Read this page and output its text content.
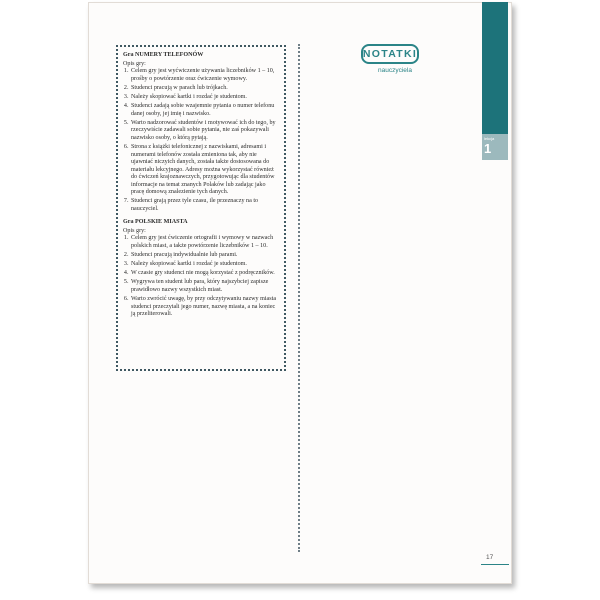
lekcja
1
NOTATKI
nauczyciela
Gra NUMERY TELEFONÓW
Opis gry:
1. Celem gry jest wyćwiczenie używania liczebników 1 – 10, prośby o powtórzenie oraz ćwiczenie wymowy.
2. Studenci pracują w parach lub trójkach.
3. Należy skopiować kartki i rozdać je studentom.
4. Studenci zadają sobie wzajemnie pytania o numer telefonu danej osoby, jej imię i nazwisko.
5. Warto nadzorować studentów i motywować ich do tego, by rzeczywiście zadawali sobie pytania, nie zaś pokazywali nazwisko osoby, o którą pytają.
6. Strona z książki telefonicznej z nazwiskami, adresami i numerami telefonów została zmieniona tak, aby nie ujawniać niczyich danych, została także dostosowana do materiału lekcyjnego. Adresy można wykorzystać również do ćwiczeń krajoznawczych, przygotowując dla studentów informacje na temat znanych Polaków lub zadając jako pracę domową znalezienie tych danych.
7. Studenci grają przez tyle czasu, ile przeznaczy na to nauczyciel.
Gra POLSKIE MIASTA
Opis gry:
1. Celem gry jest ćwiczenie ortografii i wymowy w nazwach polskich miast, a także powtórzenie liczebników 1 – 10.
2. Studenci pracują indywidualnie lub parami.
3. Należy skopiować kartki i rozdać je studentom.
4. W czasie gry studenci nie mogą korzystać z podręczników.
5. Wygrywa ten student lub para, który najszybciej zapisze prawidłowo nazwy wszystkich miast.
6. Warto zwrócić uwagę, by przy odczytywaniu nazwy miasta studenci przeczytali jego numer, nazwę miasta, a na koniec ją przeliterowali.
17
